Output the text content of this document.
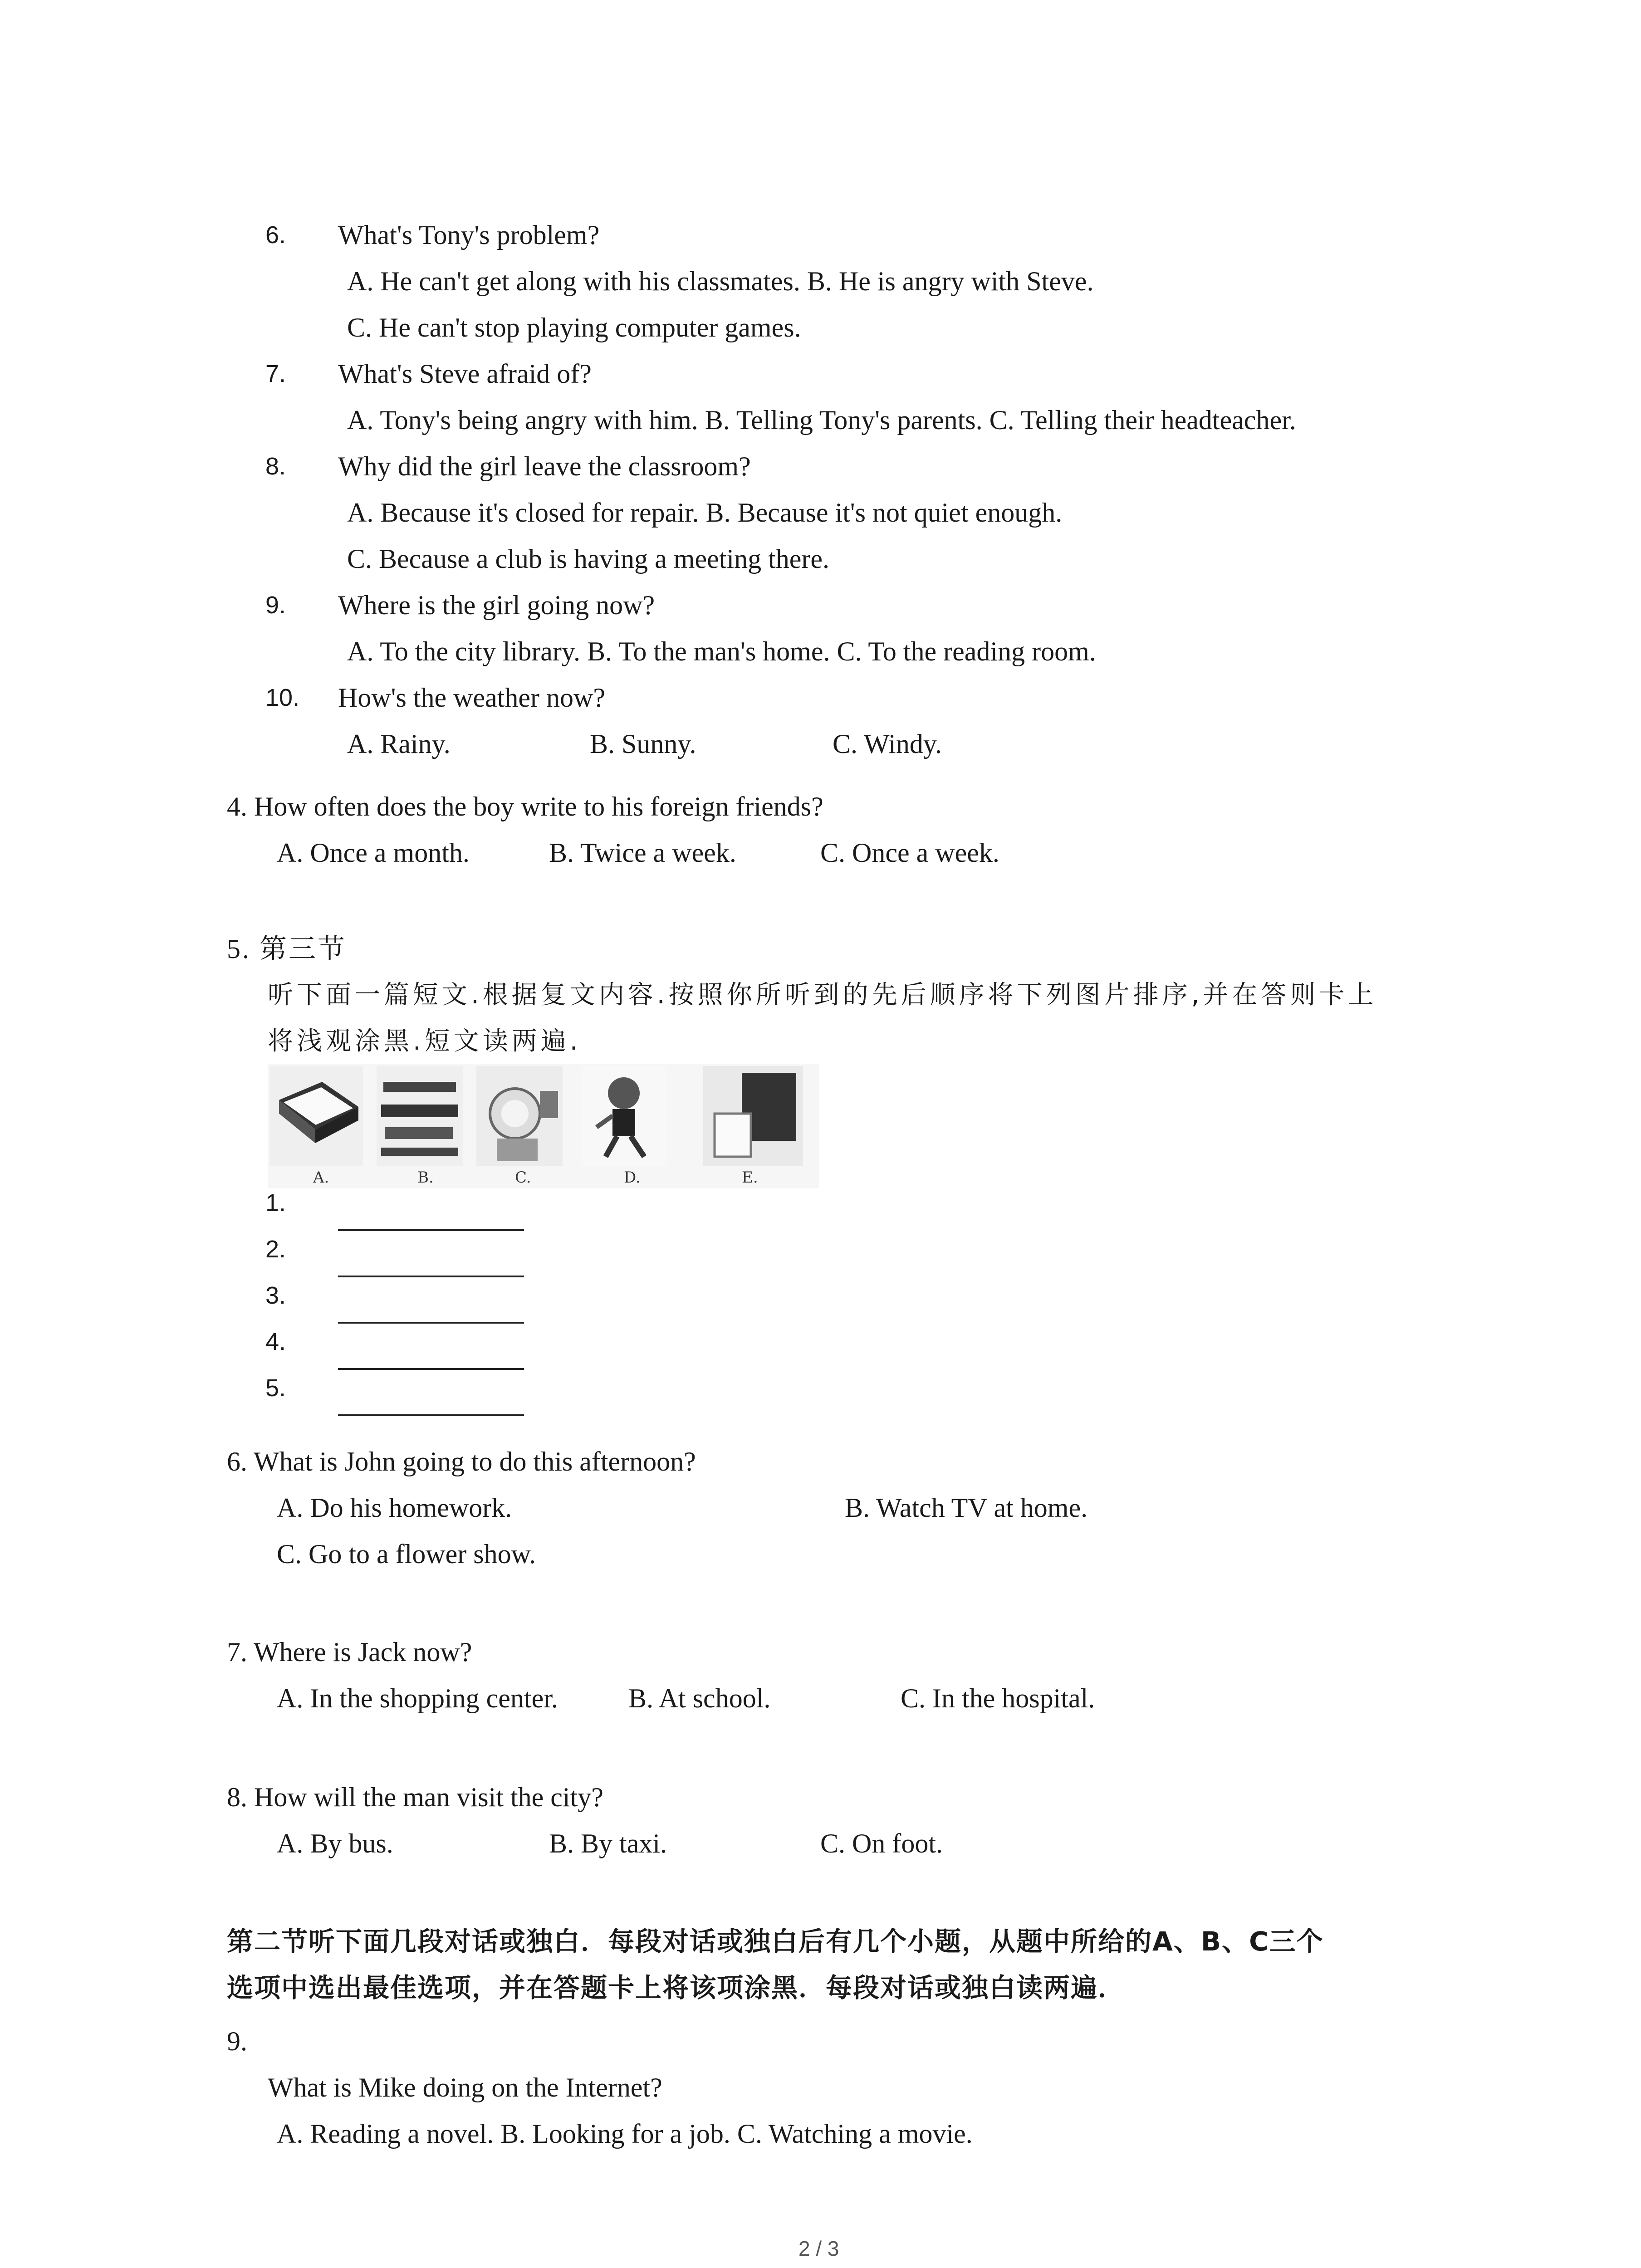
6. What's Tony's problem?
A. He can't get along with his classmates. B. He is angry with Steve.
C. He can't stop playing computer games.
7. What's Steve afraid of?
A. Tony's being angry with him. B. Telling Tony's parents. C. Telling their headteacher.
8. Why did the girl leave the classroom?
A. Because it's closed for repair. B. Because it's not quiet enough.
C. Because a club is having a meeting there.
9. Where is the girl going now?
A. To the city library. B. To the man's home. C. To the reading room.
10. How's the weather now?
A. Rainy.	B. Sunny.	C. Windy.
4. How often does the boy write to his foreign friends?
A. Once a month.	B. Twice a week.	C. Once a week.
5. 第三节
听下面一篇短文.根据复文内容.按照你所听到的先后顺序将下列图片排序,并在答则卡上
将浅观涂黑.短文读两遍.
A.	B.	C.	D.	E.
1.
2.
3.
4.
5.
6. What is John going to do this afternoon?
A. Do his homework.	B. Watch TV at home.
C. Go to a flower show.
7. Where is Jack now?
A. In the shopping center.	B. At school.	C. In the hospital.
8. How will the man visit the city?
A. By bus.	B. By taxi.	C. On foot.
第二节听下面几段对话或独白．每段对话或独白后有几个小题，从题中所给的A、B、C三个
选项中选出最佳选项，并在答题卡上将该项涂黑．每段对话或独白读两遍．
9.
What is Mike doing on the Internet?
A. Reading a novel. B. Looking for a job. C. Watching a movie.
2 / 3
